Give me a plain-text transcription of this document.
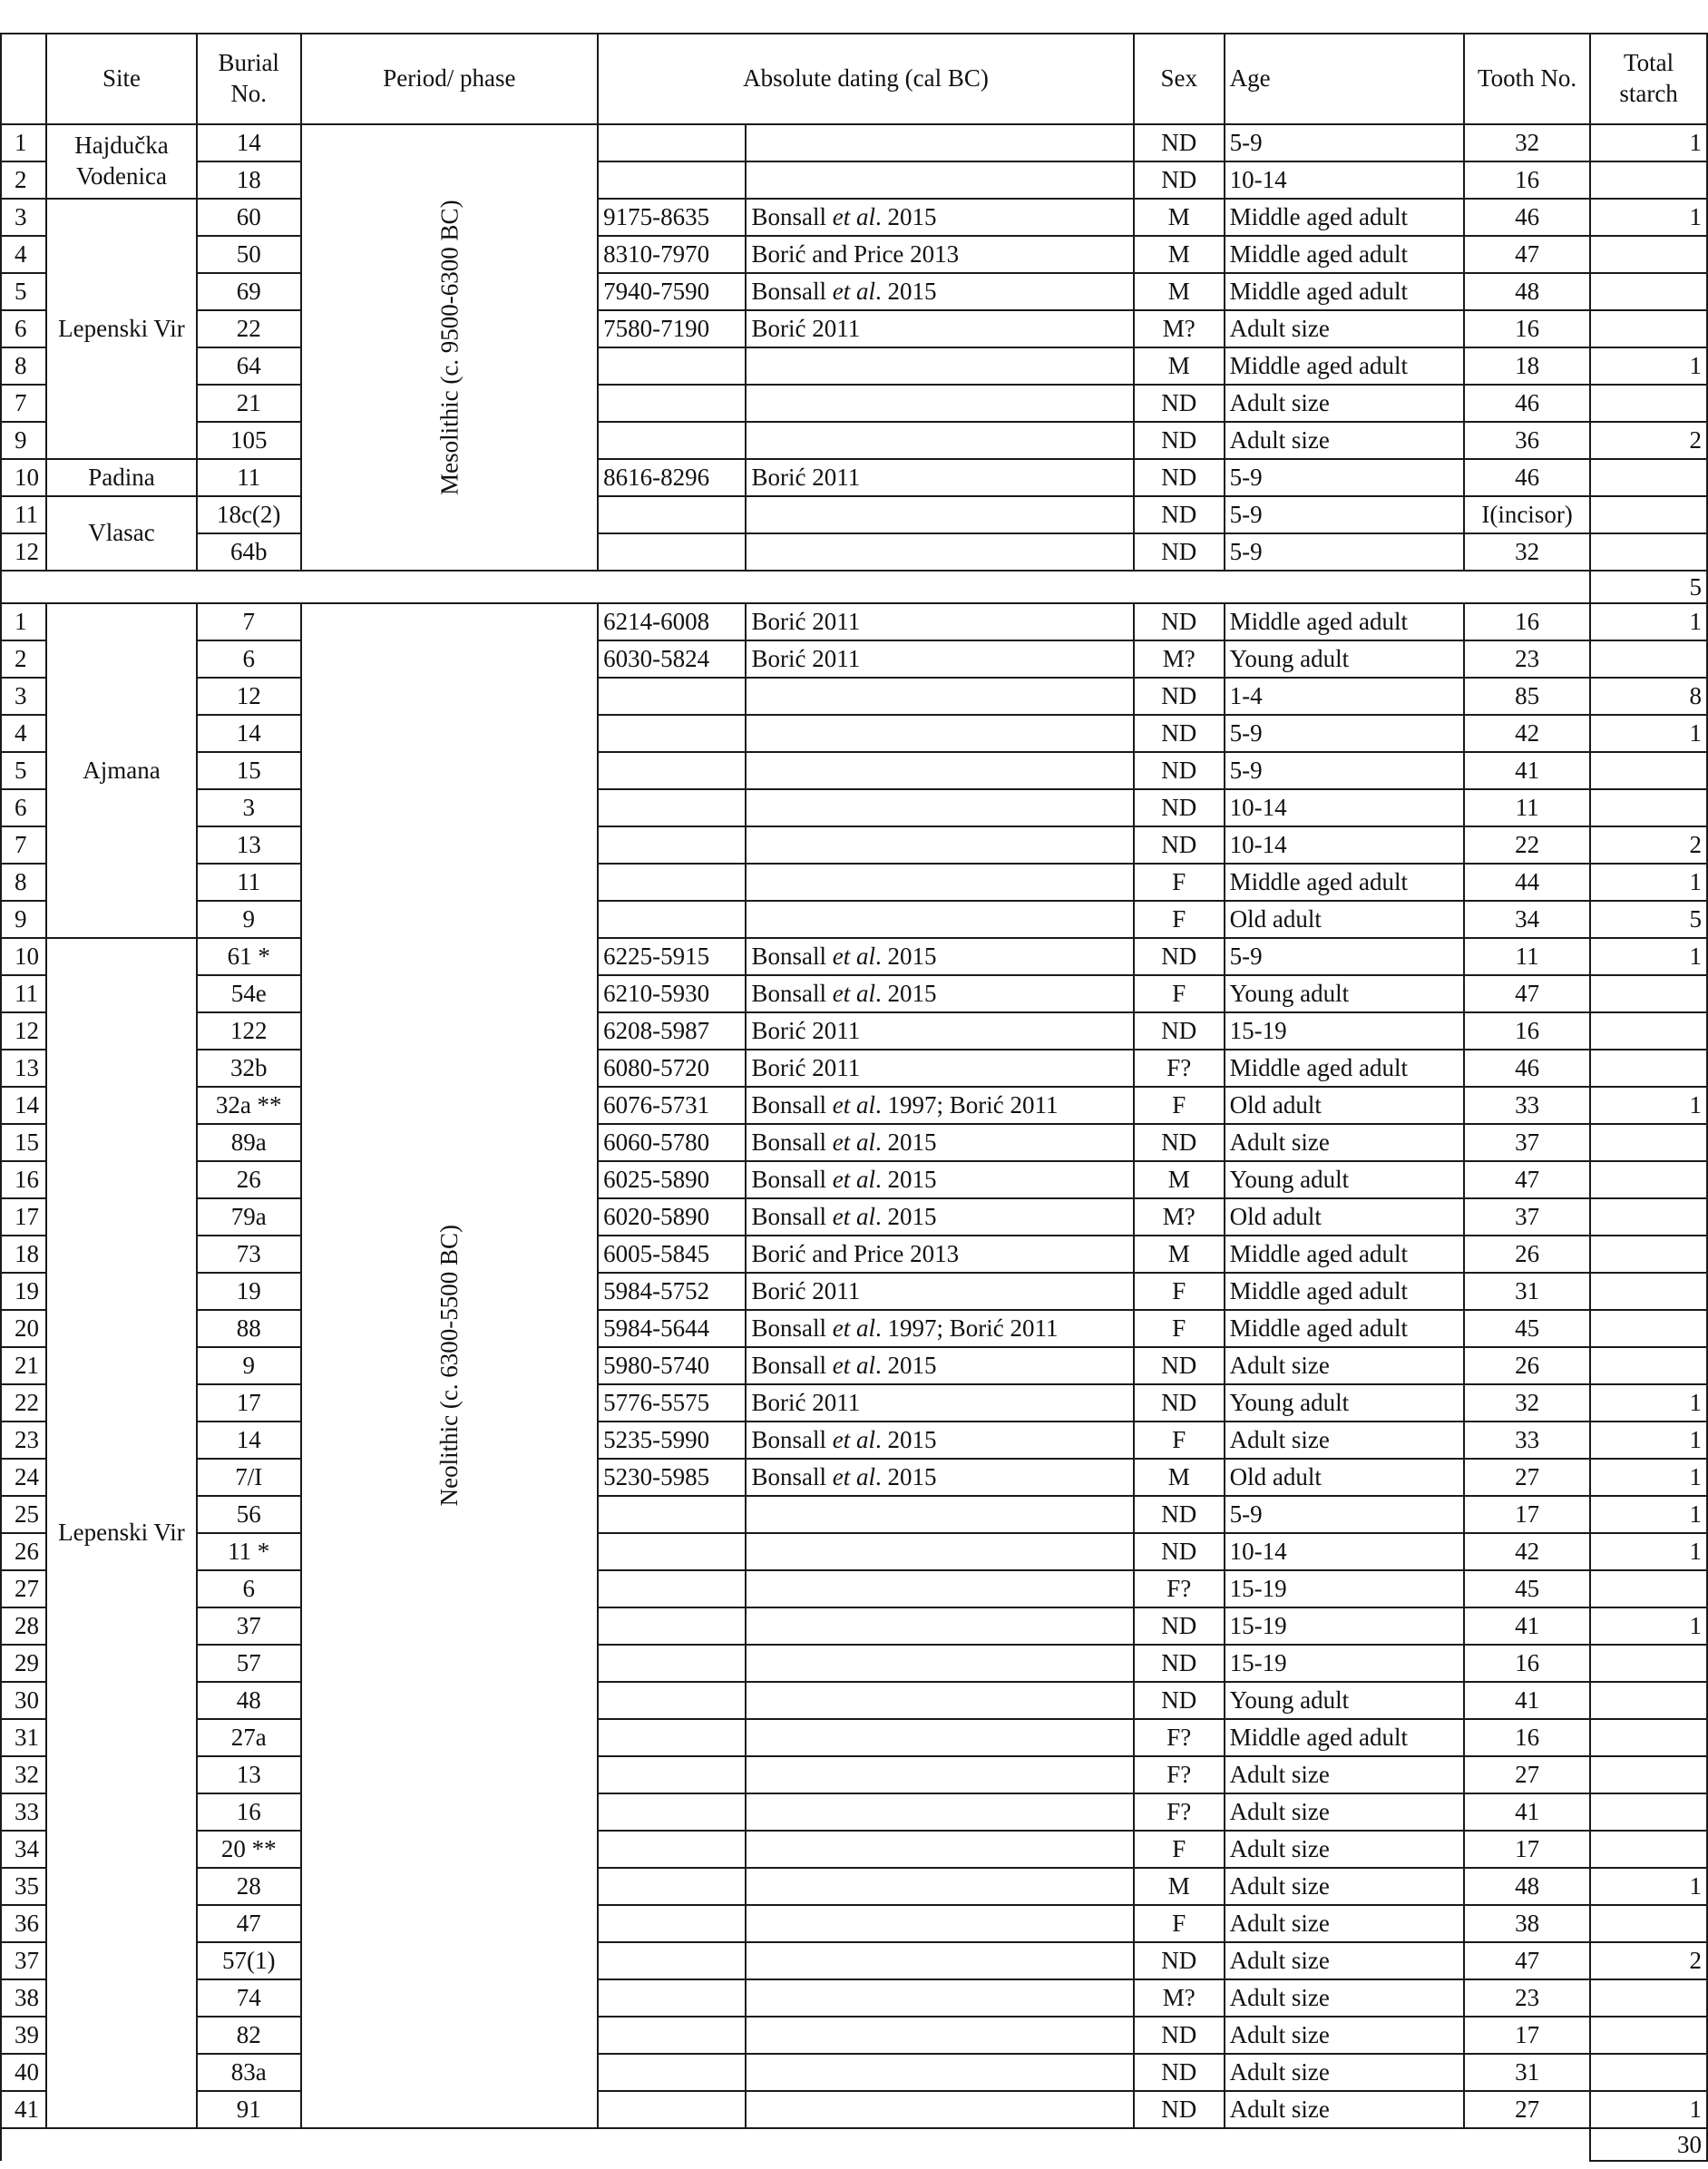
	Site	Burial No.	Period/ phase	Absolute dating (cal BC)		Sex	Age	Tooth No.	Total starch
1	Hajdučka Vodenica	14	Mesolithic (c. 9500-6300 BC)			ND	5-9	32	1
2		18				ND	10-14	16	
3	Lepenski Vir	60		9175-8635	Bonsall et al. 2015	M	Middle aged adult	46	1
4		50		8310-7970	Borić and Price 2013	M	Middle aged adult	47	
5		69		7940-7590	Bonsall et al. 2015	M	Middle aged adult	48	
6		22		7580-7190	Borić 2011	M?	Adult size	16	
8		64				M	Middle aged adult	18	1
7		21				ND	Adult size	46	
9		105				ND	Adult size	36	2
10	Padina	11		8616-8296	Borić 2011	ND	5-9	46	
11	Vlasac	18c(2)				ND	5-9	I(incisor)	
12		64b				ND	5-9	32	
									5
1	Ajmana	7	Neolithic (c. 6300-5500 BC)	6214-6008	Borić 2011	ND	Middle aged adult	16	1
2		6		6030-5824	Borić 2011	M?	Young adult	23	
3		12				ND	1-4	85	8
4		14				ND	5-9	42	1
5		15				ND	5-9	41	
6		3				ND	10-14	11	
7		13				ND	10-14	22	2
8		11				F	Middle aged adult	44	1
9		9				F	Old adult	34	5
10	Lepenski Vir	61 *		6225-5915	Bonsall et al. 2015	ND	5-9	11	1
11		54e		6210-5930	Bonsall et al. 2015	F	Young adult	47	
12		122		6208-5987	Borić 2011	ND	15-19	16	
13		32b		6080-5720	Borić 2011	F?	Middle aged adult	46	
14		32a **		6076-5731	Bonsall et al. 1997; Borić 2011	F	Old adult	33	1
15		89a		6060-5780	Bonsall et al. 2015	ND	Adult size	37	
16		26		6025-5890	Bonsall et al. 2015	M	Young adult	47	
17		79a		6020-5890	Bonsall et al. 2015	M?	Old adult	37	
18		73		6005-5845	Borić and Price 2013	M	Middle aged adult	26	
19		19		5984-5752	Borić 2011	F	Middle aged adult	31	
20		88		5984-5644	Bonsall et al. 1997; Borić 2011	F	Middle aged adult	45	
21		9		5980-5740	Bonsall et al. 2015	ND	Adult size	26	
22		17		5776-5575	Borić 2011	ND	Young adult	32	1
23		14		5235-5990	Bonsall et al. 2015	F	Adult size	33	1
24		7/I		5230-5985	Bonsall et al. 2015	M	Old adult	27	1
25		56				ND	5-9	17	1
26		11 *				ND	10-14	42	1
27		6				F?	15-19	45	
28		37				ND	15-19	41	1
29		57				ND	15-19	16	
30		48				ND	Young adult	41	
31		27a				F?	Middle aged adult	16	
32		13				F?	Adult size	27	
33		16				F?	Adult size	41	
34		20 **				F	Adult size	17	
35		28				M	Adult size	48	1
36		47				F	Adult size	38	
37		57(1)				ND	Adult size	47	2
38		74				M?	Adult size	23	
39		82				ND	Adult size	17	
40		83a				ND	Adult size	31	
41		91				ND	Adult size	27	1
									30
